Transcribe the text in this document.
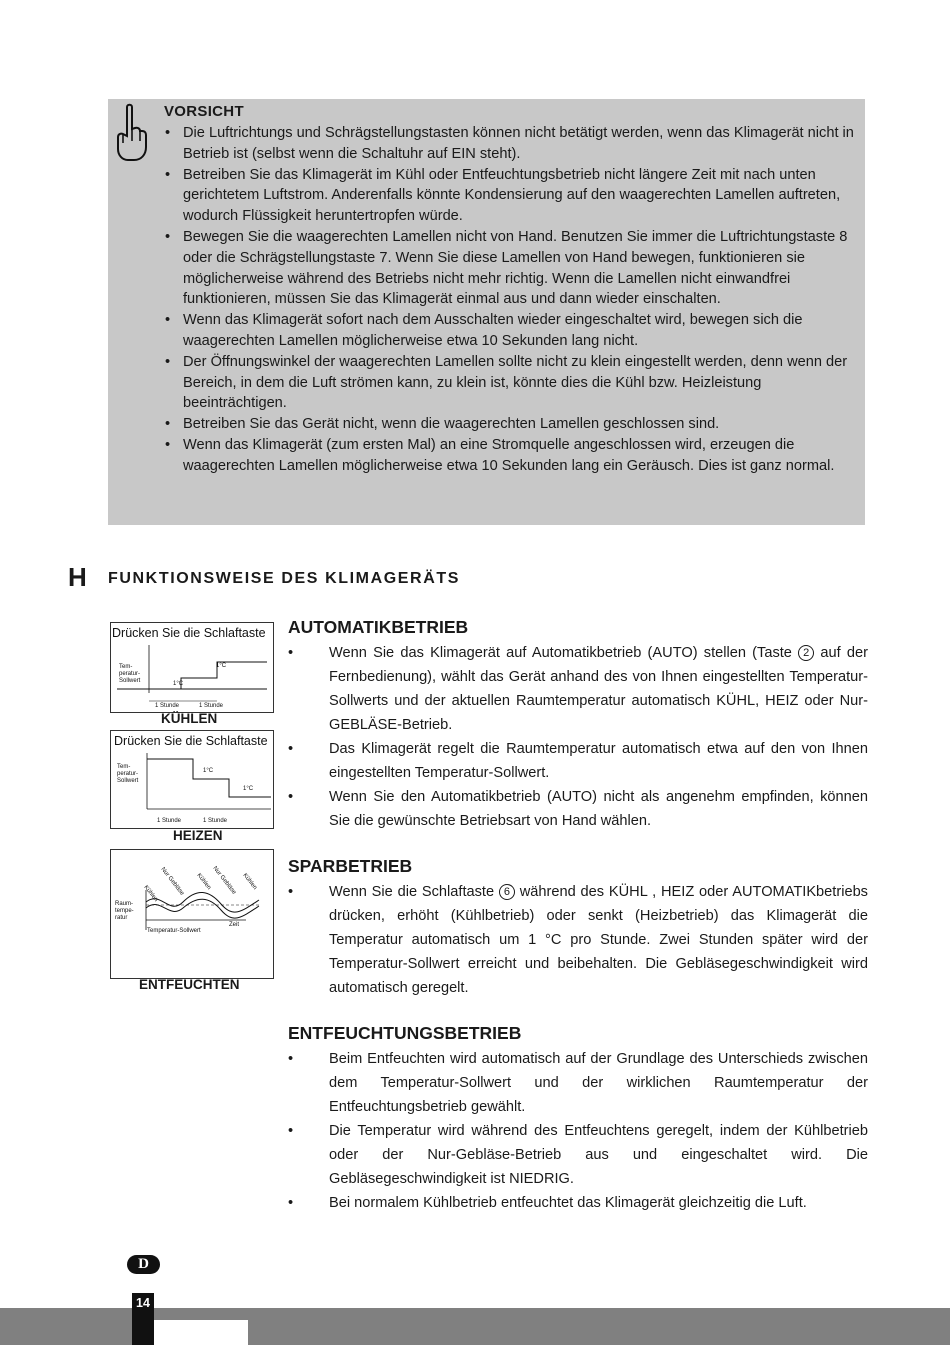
VORSICHT
• Die Luftrichtungs und Schrägstellungstasten können nicht betätigt werden, wenn das Klimagerät nicht in Betrieb ist (selbst wenn die Schaltuhr auf EIN steht).
• Betreiben Sie das Klimagerät im Kühl oder Entfeuchtungsbetrieb nicht längere Zeit mit nach unten gerichtetem Luftstrom. Anderenfalls könnte Kondensierung auf den waagerechten Lamellen auftreten, wodurch Flüssigkeit heruntertropfen würde.
• Bewegen Sie die waagerechten Lamellen nicht von Hand. Benutzen Sie immer die Luftrichtungstaste 8 oder die Schrägstellungstaste 7. Wenn Sie diese Lamellen von Hand bewegen, funktionieren sie möglicherweise während des Betriebs nicht mehr richtig. Wenn die Lamellen nicht einwandfrei funktionieren, müssen Sie das Klimagerät einmal aus und dann wieder einschalten.
• Wenn das Klimagerät sofort nach dem Ausschalten wieder eingeschaltet wird, bewegen sich die waagerechten Lamellen möglicherweise etwa 10 Sekunden lang nicht.
• Der Öffnungswinkel der waagerechten Lamellen sollte nicht zu klein eingestellt werden, denn wenn der Bereich, in dem die Luft strömen kann, zu klein ist, könnte dies die Kühl bzw. Heizleistung beeinträchtigen.
• Betreiben Sie das Gerät nicht, wenn die waagerechten Lamellen geschlossen sind.
• Wenn das Klimagerät (zum ersten Mal) an eine Stromquelle angeschlossen wird, erzeugen die waagerechten Lamellen möglicherweise etwa 10 Sekunden lang ein Geräusch. Dies ist ganz normal.

H FUNKTIONSWEISE DES KLIMAGERÄTS

Drücken Sie die Schlaftaste
Tem-
peratur-
Sollwert	1°C
1°C
1 Stunde	1 Stunde

KÜHLEN

Drücken Sie die Schlaftaste
Tem-
peratur-
Sollwert
1°C
1°C
1 Stunde	1 Stunde

HEIZEN

Kühlen Nur Gebläse Kühlen Nur Gebläse Kühlen
Raum-
tempe-
ratur
Zeit
Temperatur-Sollwert

ENTFEUCHTEN

AUTOMATIKBETRIEB
• Wenn Sie das Klimagerät auf Automatikbetrieb (AUTO) stellen (Taste 2 auf der Fernbedienung), wählt das Gerät anhand des von Ihnen eingestellten Temperatur-Sollwerts und der aktuellen Raumtemperatur automatisch KÜHL, HEIZ oder Nur-GEBLÄSE-Betrieb.
• Das Klimagerät regelt die Raumtemperatur automatisch etwa auf den von Ihnen eingestellten Temperatur-Sollwert.
• Wenn Sie den Automatikbetrieb (AUTO) nicht als angenehm empfinden, können Sie die gewünschte Betriebsart von Hand wählen.
SPARBETRIEB
• Wenn Sie die Schlaftaste 6 während des KÜHL , HEIZ oder AUTOMATIKbetriebs drücken, erhöht (Kühlbetrieb) oder senkt (Heizbetrieb) das Klimagerät die Temperatur automatisch um 1 °C pro Stunde. Zwei Stunden später wird der Temperatur-Sollwert erreicht und beibehalten. Die Gebläsegeschwindigkeit wird automatisch geregelt.
ENTFEUCHTUNGSBETRIEB
• Beim Entfeuchten wird automatisch auf der Grundlage des Unterschieds zwischen dem Temperatur-Sollwert und der wirklichen Raumtemperatur der Entfeuchtungsbetrieb gewählt.
• Die Temperatur wird während des Entfeuchtens geregelt, indem der Kühlbetrieb oder der Nur-Gebläse-Betrieb aus und eingeschaltet wird. Die Gebläsegeschwindigkeit ist NIEDRIG.
• Bei normalem Kühlbetrieb entfeuchtet das Klimagerät gleichzeitig die Luft.
D
14
